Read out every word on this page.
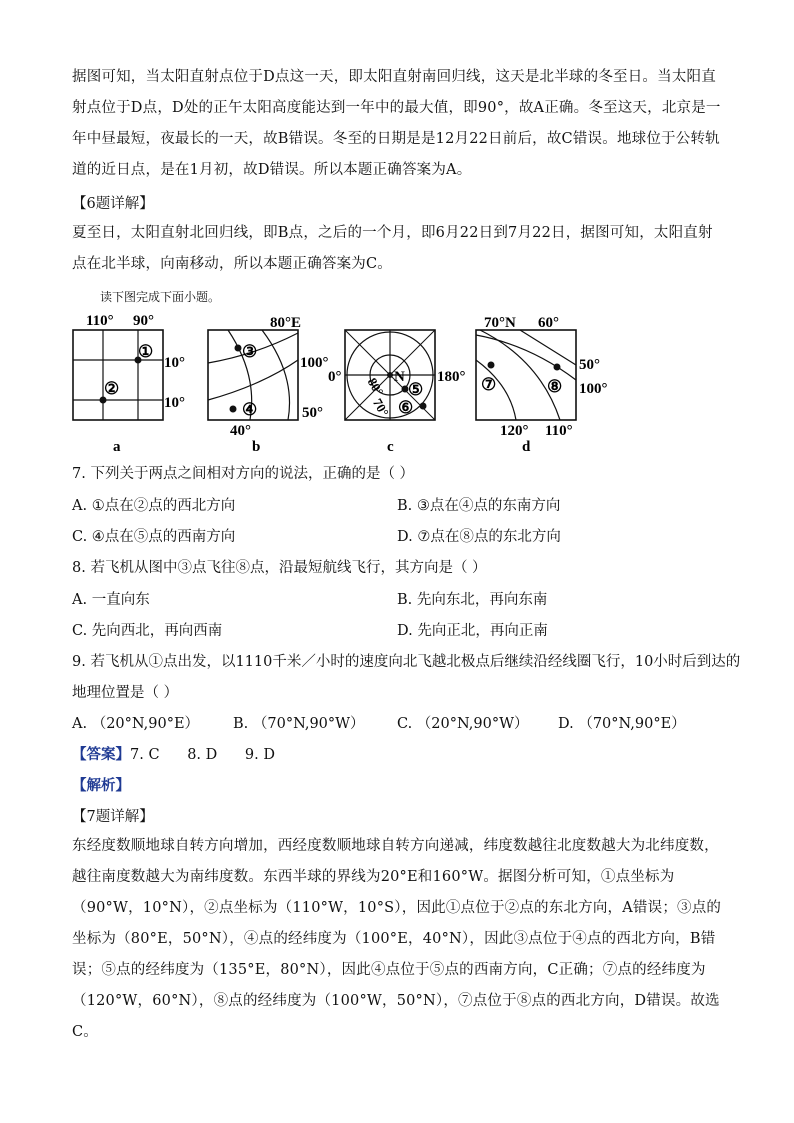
据图可知，当太阳直射点位于D点这一天，即太阳直射南回归线，这天是北半球的冬至日。当太阳直射点位于D点，D处的正午太阳高度能达到一年中的最大值，即90°，故A正确。冬至这天，北京是一年中昼最短，夜最长的一天，故B错误。冬至的日期是是12月22日前后，故C错误。地球位于公转轨道的近日点，是在1月初，故D错误。所以本题正确答案为A。
【6题详解】
夏至日，太阳直射北回归线，即B点，之后的一个月，即6月22日到7月22日，据图可知，太阳直射点在北半球，向南移动，所以本题正确答案为C。
读下图完成下面小题。
110° 90°
①
②
10°
10°
a
80°E
③
④
100°
50°
40°
b
N
⑤
⑥
0°	180°
80°
70°
c
70°N 60°
⑦	⑧
50°
100°
120° 110°
d
7. 下列关于两点之间相对方向的说法，正确的是（ ）
A. ①点在②点的西北方向	B. ③点在④点的东南方向
C. ④点在⑤点的西南方向	D. ⑦点在⑧点的东北方向
8. 若飞机从图中③点飞往⑧点，沿最短航线飞行，其方向是（ ）
A. 一直向东	B. 先向东北，再向东南
C. 先向西北，再向西南	D. 先向正北，再向正南
9. 若飞机从①点出发，以1110千米／小时的速度向北飞越北极点后继续沿经线圈飞行，10小时后到达的
地理位置是（ ）
A. （20°N,90°E） B. （70°N,90°W） C. （20°N,90°W） D. （70°N,90°E）
【答案】7. C      8. D      9. D
【解析】
【7题详解】
东经度数顺地球自转方向增加，西经度数顺地球自转方向递减，纬度数越往北度数越大为北纬度数，越往南度数越大为南纬度数。东西半球的界线为20°E和160°W。据图分析可知，①点坐标为（90°W，10°N），②点坐标为（110°W，10°S），因此①点位于②点的东北方向，A错误；③点的坐标为（80°E，50°N），④点的经纬度为（100°E，40°N），因此③点位于④点的西北方向，B错误；⑤点的经纬度为（135°E，80°N），因此④点位于⑤点的西南方向，C正确；⑦点的经纬度为（120°W，60°N），⑧点的经纬度为（100°W，50°N），⑦点位于⑧点的西北方向，D错误。故选C。
